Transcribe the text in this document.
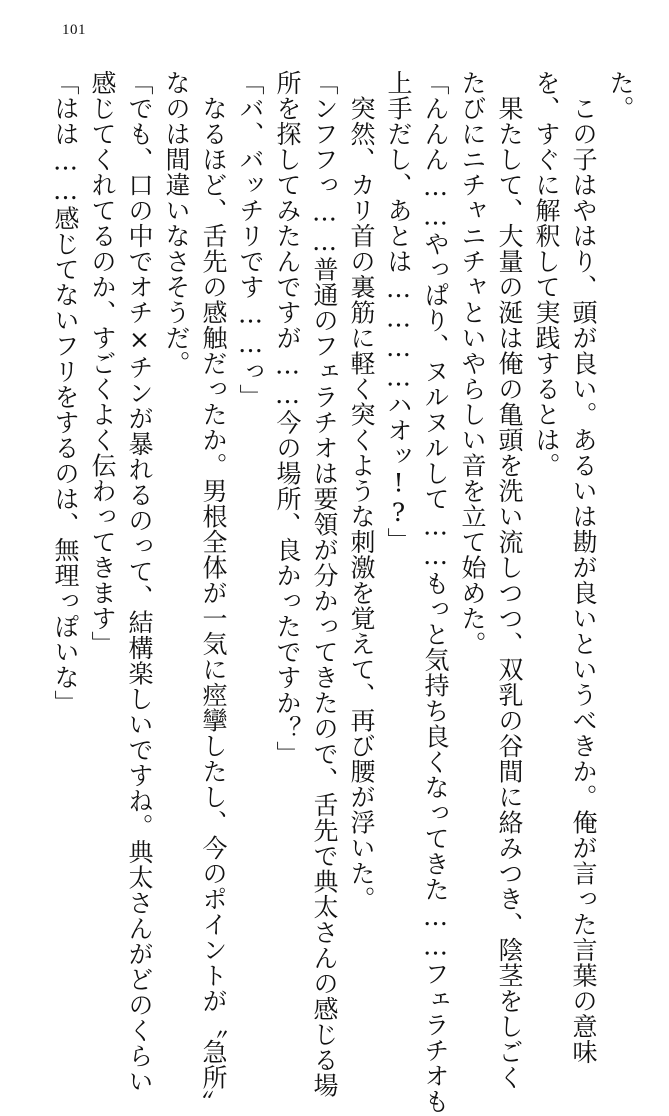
101
た。
　この子はやはり、頭が良い。あるいは勘が良いというべきか。俺が言った言葉の意味
を、すぐに解釈して実践するとは。
　果たして、大量の涎は俺の亀頭を洗い流しつつ、双乳の谷間に絡みつき、陰茎をしごく
たびにニチャニチャといやらしい音を立て始めた。
「んんん……やっぱり、ヌルヌルして……もっと気持ち良くなってきた……フェラチオも
上手だし、あとは…………ハオッ!?」
　突然、カリ首の裏筋に軽く突くような刺激を覚えて、再び腰が浮いた。
「ンフフっ……普通のフェラチオは要領が分かってきたので、舌先で典太さんの感じる場
所を探してみたんですが……今の場所、良かったですか？」
「バ、バッチリです……っ」
　なるほど、舌先の感触だったか。男根全体が一気に痙攣したし、今のポイントが〝急所〟
なのは間違いなさそうだ。
「でも、口の中でオチ×チンが暴れるのって、結構楽しいですね。典太さんがどのくらい
感じてくれてるのか、すごくよく伝わってきます」
「はは……感じてないフリをするのは、無理っぽいな」
